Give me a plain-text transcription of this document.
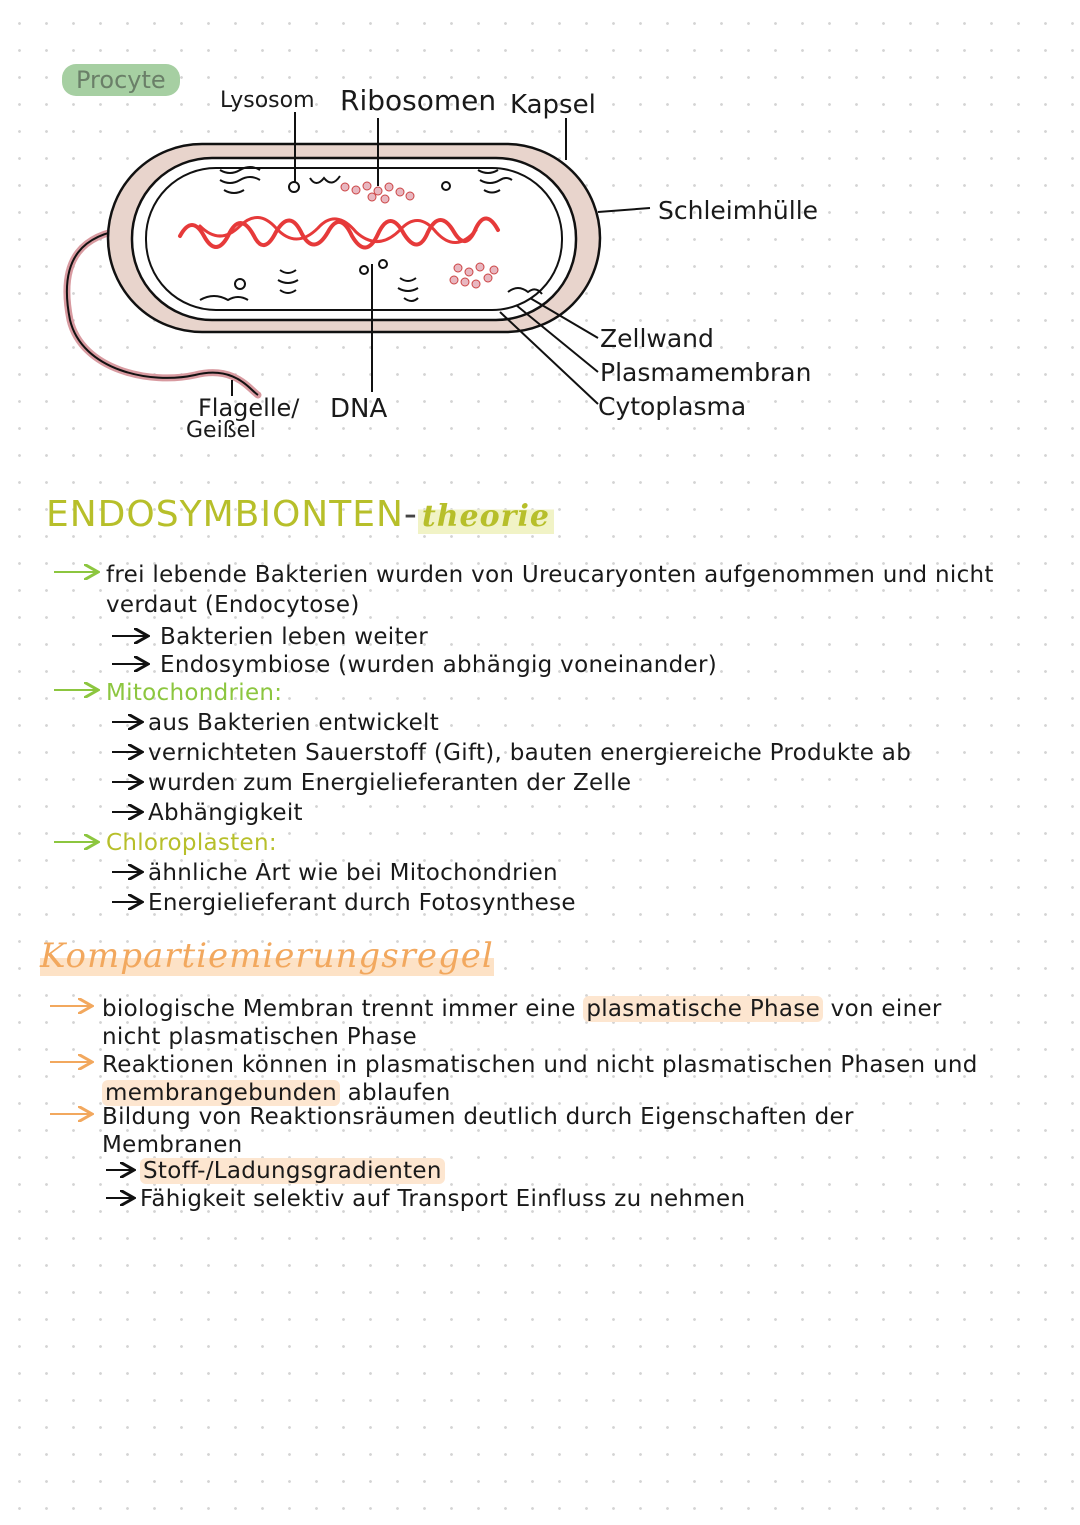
Procyte
Lysosom Ribosomen Kapsel
Schleimhülle
Zellwand
Plasmamembran
Cytoplasma
Flagelle/
Geißel
DNA
ENDOSYMBIONTEN- theorie
frei lebende Bakterien wurden von Ureucaryonten aufgenommen und nicht
verdaut (Endocytose)
Bakterien leben weiter
Endosymbiose (wurden abhängig voneinander)
Mitochondrien:
aus Bakterien entwickelt
vernichteten Sauerstoff (Gift), bauten energiereiche Produkte ab
wurden zum Energielieferanten der Zelle
Abhängigkeit
Chloroplasten:
ähnliche Art wie bei Mitochondrien
Energielieferant durch Fotosynthese
Kompartiemierungsregel
biologische Membran trennt immer eine plasmatische Phase von einer
nicht plasmatischen Phase
Reaktionen können in plasmatischen und nicht plasmatischen Phasen und
membrangebunden ablaufen
Bildung von Reaktionsräumen deutlich durch Eigenschaften der
Membranen
Stoff-/Ladungsgradienten
Fähigkeit selektiv auf Transport Einfluss zu nehmen
